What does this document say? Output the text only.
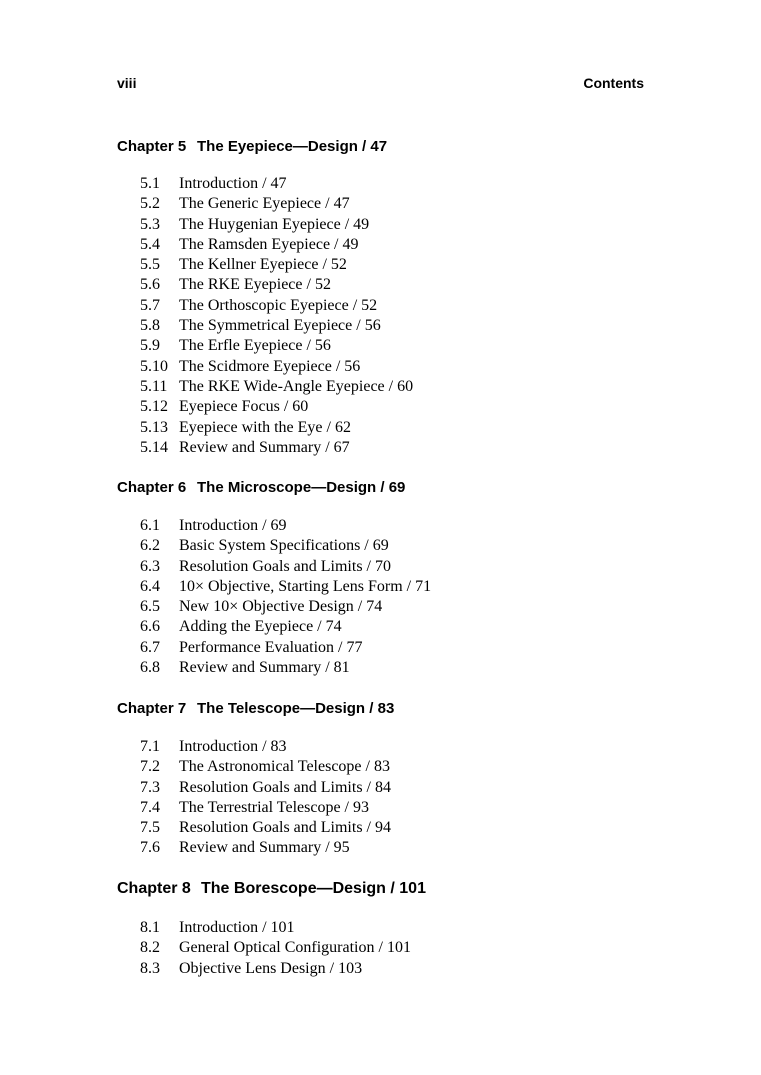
viii	Contents
Chapter 5 The Eyepiece—Design / 47
5.1 Introduction / 47
5.2 The Generic Eyepiece / 47
5.3 The Huygenian Eyepiece / 49
5.4 The Ramsden Eyepiece / 49
5.5 The Kellner Eyepiece / 52
5.6 The RKE Eyepiece / 52
5.7 The Orthoscopic Eyepiece / 52
5.8 The Symmetrical Eyepiece / 56
5.9 The Erfle Eyepiece / 56
5.10 The Scidmore Eyepiece / 56
5.11 The RKE Wide-Angle Eyepiece / 60
5.12 Eyepiece Focus / 60
5.13 Eyepiece with the Eye / 62
5.14 Review and Summary / 67
Chapter 6 The Microscope—Design / 69
6.1 Introduction / 69
6.2 Basic System Specifications / 69
6.3 Resolution Goals and Limits / 70
6.4 10× Objective, Starting Lens Form / 71
6.5 New 10× Objective Design / 74
6.6 Adding the Eyepiece / 74
6.7 Performance Evaluation / 77
6.8 Review and Summary / 81
Chapter 7 The Telescope—Design / 83
7.1 Introduction / 83
7.2 The Astronomical Telescope / 83
7.3 Resolution Goals and Limits / 84
7.4 The Terrestrial Telescope / 93
7.5 Resolution Goals and Limits / 94
7.6 Review and Summary / 95
Chapter 8 The Borescope—Design / 101
8.1 Introduction / 101
8.2 General Optical Configuration / 101
8.3 Objective Lens Design / 103
